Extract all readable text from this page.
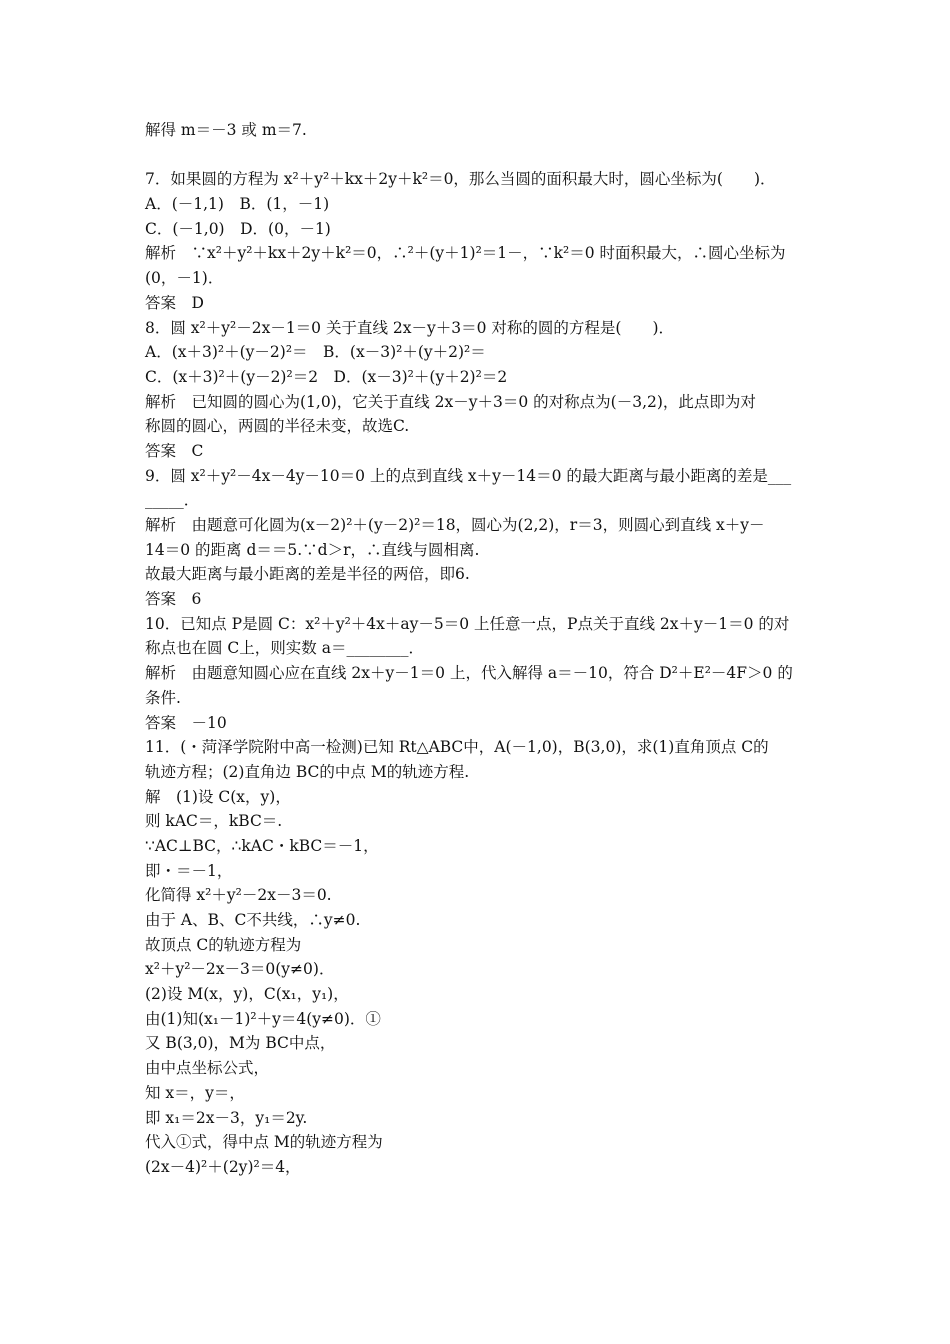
解得 m＝－3 或 m＝7.
7．如果圆的方程为 x²＋y²＋kx＋2y＋k²＝0，那么当圆的面积最大时，圆心坐标为(　　)．
A．(－1,1)　B．(1，－1)
C．(－1,0)　D．(0，－1)
解析　∵x²＋y²＋kx＋2y＋k²＝0，∴²＋(y＋1)²＝1－，∵k²＝0 时面积最大，∴圆心坐标为
(0，－1)．
答案　D
8．圆 x²＋y²－2x－1＝0 关于直线 2x－y＋3＝0 对称的圆的方程是(　　)．
A．(x＋3)²＋(y－2)²＝　B．(x－3)²＋(y＋2)²＝
C．(x＋3)²＋(y－2)²＝2　D．(x－3)²＋(y＋2)²＝2
解析　已知圆的圆心为(1,0)，它关于直线 2x－y＋3＝0 的对称点为(－3,2)，此点即为对
称圆的圆心，两圆的半径未变，故选C.
答案　C
9．圆 x²＋y²－4x－4y－10＝0 上的点到直线 x＋y－14＝0 的最大距离与最小距离的差是___
_____．
解析　由题意可化圆为(x－2)²＋(y－2)²＝18，圆心为(2,2)，r＝3，则圆心到直线 x＋y－
14＝0 的距离 d＝＝5.∵d＞r，∴直线与圆相离.
故最大距离与最小距离的差是半径的两倍，即6.
答案　6
10．已知点 P是圆 C：x²＋y²＋4x＋ay－5＝0 上任意一点，P点关于直线 2x＋y－1＝0 的对
称点也在圆 C上，则实数 a＝________．
解析　由题意知圆心应在直线 2x＋y－1＝0 上，代入解得 a＝－10，符合 D²＋E²－4F＞0 的
条件.
答案　－10
11．(・菏泽学院附中高一检测)已知 Rt△ABC中，A(－1,0)，B(3,0)，求(1)直角顶点 C的
轨迹方程；(2)直角边 BC的中点 M的轨迹方程.
解　(1)设 C(x，y)，
则 kAC＝，kBC＝.
∵AC⊥BC，∴kAC・kBC＝－1，
即・＝－1，
化简得 x²＋y²－2x－3＝0.
由于 A、B、C不共线，∴y≠0.
故顶点 C的轨迹方程为
x²＋y²－2x－3＝0(y≠0)．
(2)设 M(x，y)，C(x₁，y₁)，
由(1)知(x₁－1)²＋y＝4(y≠0)．①
又 B(3,0)，M为 BC中点，
由中点坐标公式，
知 x＝，y＝，
即 x₁＝2x－3，y₁＝2y.
代入①式，得中点 M的轨迹方程为
(2x－4)²＋(2y)²＝4，
